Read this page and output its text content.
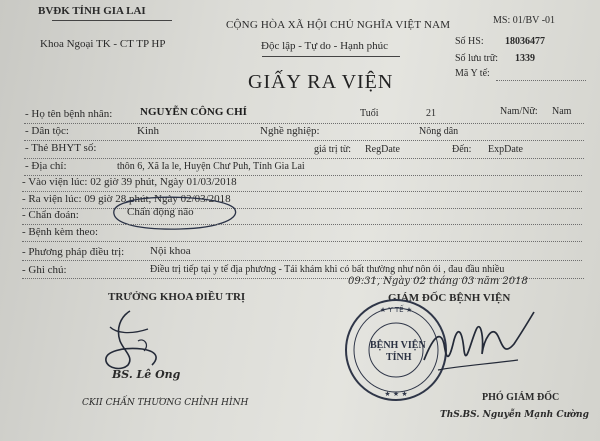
BVĐK TỈNH GIA LAI
Khoa Ngoại TK - CT TP HP
CỘNG HÒA XÃ HỘI CHỦ NGHĨA VIỆT NAM
Độc lập - Tự do - Hạnh phúc
MS: 01/BV -01
Số HS: 18036477
Số lưu trữ: 1339
Mã Y tế:
GIẤY RA VIỆN
- Họ tên bệnh nhân:	NGUYỄN CÔNG CHÍ	Tuổi	21	Nam/Nữ: Nam
- Dân tộc:	Kinh	Nghề nghiệp:	Nông dân
- Thẻ BHYT số:	giá trị từ: RegDate	Đến: ExpDate
- Địa chỉ:	thôn 6, Xã Ia le, Huyện Chư Puh, Tỉnh Gia Lai
- Vào viện lúc: 02 giờ 39 phút, Ngày 01/03/2018
- Ra viện lúc: 09 giờ 28 phút, Ngày 02/03/2018
- Chẩn đoán:	Chấn động não
- Bệnh kèm theo:
- Phương pháp điều trị: Nội khoa
- Ghi chú:	Điều trị tiếp tại y tế địa phương - Tái khám khi có bất thường như nôn ói , đau đầu nhiều
09:31, Ngày 02 tháng 03 năm 2018
TRƯỞNG KHOA ĐIỀU TRỊ	GIÁM ĐỐC BỆNH VIỆN
BS. Lê Ong
CKII CHẤN THƯƠNG CHỈNH HÌNH
★ Y TẾ ★
★ ★ ★
BỆNH VIỆN
TỈNH
PHÓ GIÁM ĐỐC
ThS.BS. Nguyễn Mạnh Cường
